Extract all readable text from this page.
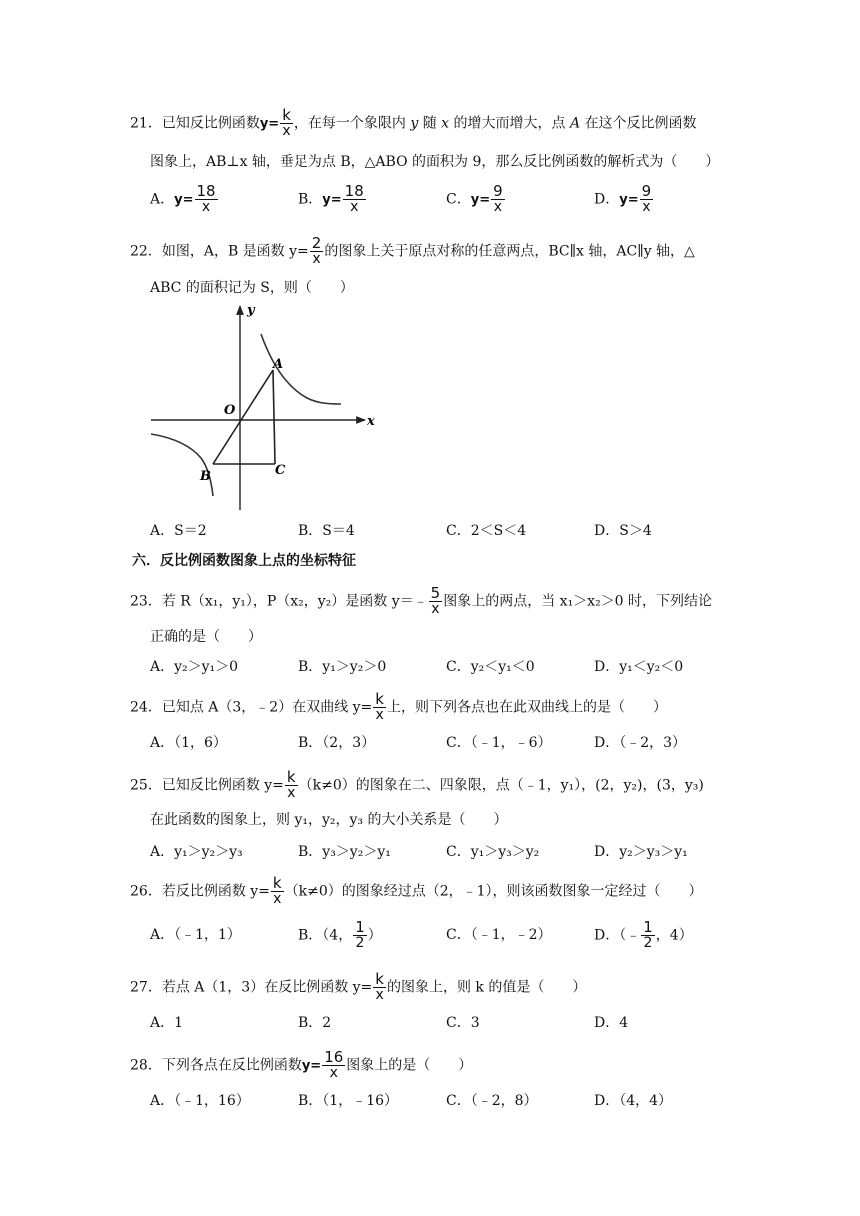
21．已知反比例函数$y= \frac{k}{x}$ ，在每一个象限内 y 随 x 的增大而增大，点 A 在这个反比例函数
图象上，AB⊥x 轴，垂足为点 B，△ABO 的面积为 9，那么反比例函数的解析式为（　　）
A．$y= \frac{18}{x}$	B．$y= \frac{18}{x}$	C．$y= \frac{9}{x}$	D．$y= \frac{9}{x}$
22．如图，A，B 是函数 $y= \frac{2}{x}$ 的图象上关于原点对称的任意两点，BC∥x 轴，AC∥y 轴，△
ABC 的面积记为 S，则（　　）
y
x
O
A
B	C
A．S＝2	B．S＝4	C．2＜S＜4	D．S＞4
六．反比例函数图象上点的坐标特征
23．若 R（x₁，y₁），P（x₂，y₂）是函数 y＝﹣ $\frac{5}{x}$ 图象上的两点，当 x₁＞x₂＞0 时，下列结论
正确的是（　　）
A．y₂＞y₁＞0	B．y₁＞y₂＞0	C．y₂＜y₁＜0	D．y₁＜y₂＜0
24．已知点 A（3，﹣2）在双曲线 $y= \frac{k}{x}$ 上，则下列各点也在此双曲线上的是（　　）
A．（1，6）	B．（2，3）	C．（﹣1，﹣6）	D．（﹣2，3）
25．已知反比例函数 $y= \frac{k}{x} (k\ne 0)$的图象在二、四象限，点（﹣1，y₁），(2，y₂)，(3，y₃)
在此函数的图象上，则 y₁，y₂，y₃ 的大小关系是（　　）
A．y₁＞y₂＞y₃	B．y₃＞y₂＞y₁	C．y₁＞y₃＞y₂	D．y₂＞y₃＞y₁
26．若反比例函数 $y= \frac{k}{x} (k\ne 0)$的图象经过点（2，﹣1），则该函数图象一定经过（　　）
A．（﹣1，1）	B．（4， $\frac{1}{2}$ ）	C．（﹣1，﹣2）	D．（﹣ $\frac{1}{2}$ ，4）
27．若点 A（1，3）在反比例函数 $y= \frac{k}{x}$ 的图象上，则 k 的值是（　　）
A．1	B．2	C．3	D．4
28．下列各点在反比例函数$y= \frac{16}{x}$ 图象上的是（　　）
A．（﹣1，16）	B．（1，﹣16）	C．（﹣2，8）	D．（4，4）
